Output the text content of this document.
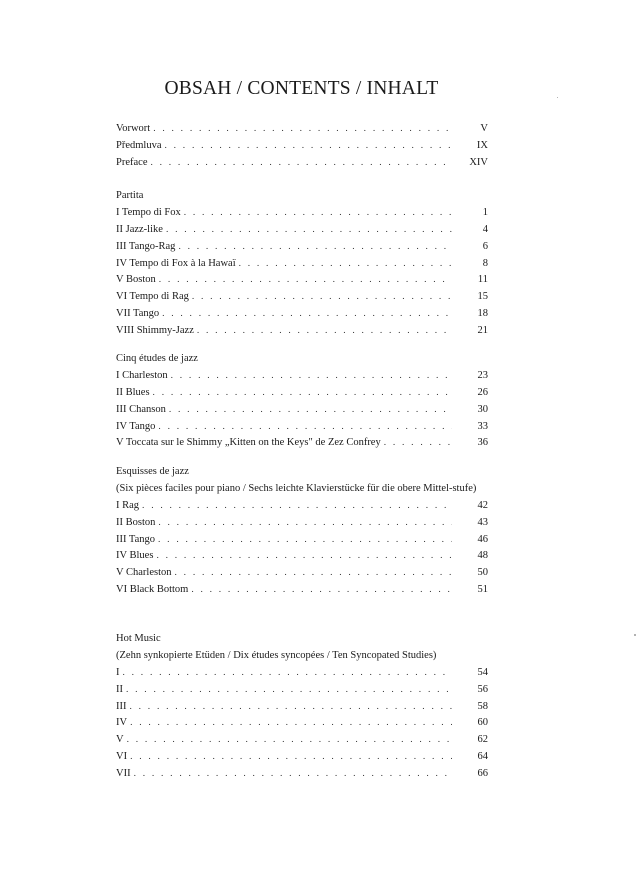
OBSAH / CONTENTS / INHALT
Vorwort . . .	V
Předmluva . . .	IX
Preface . . .	XIV
Partita
I Tempo di Fox . . .	1
II Jazz-like . . .	4
III Tango-Rag . . .	6
IV Tempo di Fox à la Hawaï . . .	8
V Boston . . .	11
VI Tempo di Rag . . .	15
VII Tango . . .	18
VIII Shimmy-Jazz . . .	21
Cinq études de jazz
I Charleston . . .	23
II Blues . . .	26
III Chanson . . .	30
IV Tango . . .	33
V Toccata sur le Shimmy „Kitten on the Keys" de Zez Confrey . . .	36
Esquisses de jazz
(Six pièces faciles pour piano / Sechs leichte Klavierstücke für die obere Mittel-stufe)
I Rag . . .	42
II Boston . . .	43
III Tango . . .	46
IV Blues . . .	48
V Charleston . . .	50
VI Black Bottom . . .	51
Hot Music
(Zehn synkopierte Etüden / Dix études syncopées / Ten Syncopated Studies)
I . . .	54
II . . .	56
III . . .	58
IV . . .	60
V . . .	62
VI . . .	64
VII . . .	66
